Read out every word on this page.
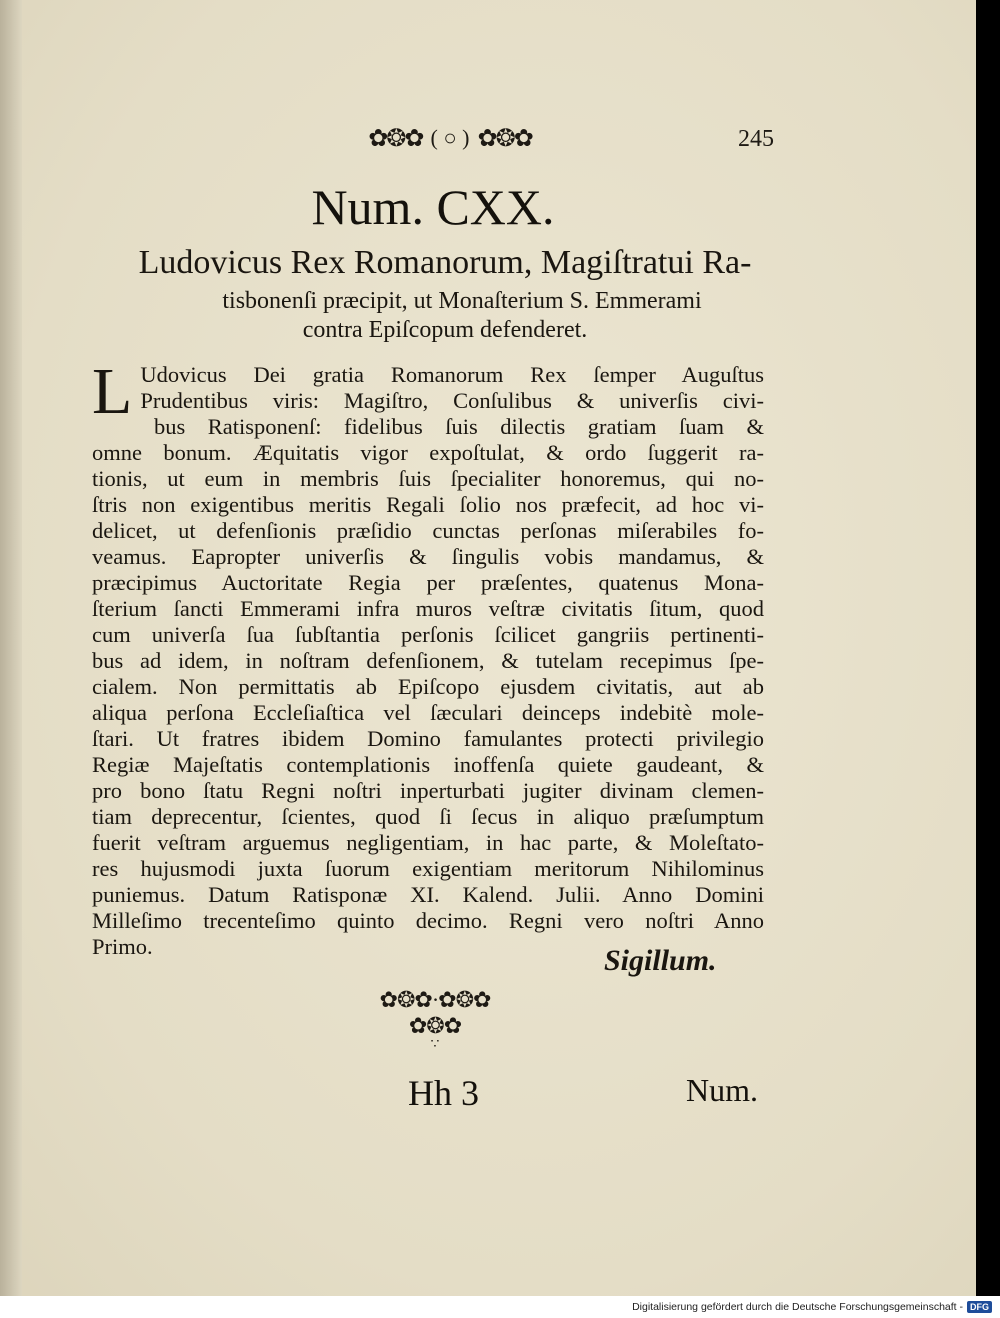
✿❂✿ ( ○ ) ✿❂✿	245
Num. CXX.
Ludovicus Rex Romanorum, Magiſtratui Ra-
tisbonenſi præcipit, ut Monaſterium S. Emmerami
contra Epiſcopum defenderet.
L Udovicus Dei gratia Romanorum Rex ſemper Auguſtus
Prudentibus viris: Magiſtro, Conſulibus & univerſis civi-
bus Ratisponenſ: fidelibus ſuis dilectis gratiam ſuam &
omne bonum. Æquitatis vigor expoſtulat, & ordo ſuggerit ra-
tionis, ut eum in membris ſuis ſpecialiter honoremus, qui no-
ſtris non exigentibus meritis Regali ſolio nos præfecit, ad hoc vi-
delicet, ut defenſionis præſidio cunctas perſonas miſerabiles fo-
veamus. Eapropter univerſis & ſingulis vobis mandamus, &
præcipimus Auctoritate Regia per præſentes, quatenus Mona-
ſterium ſancti Emmerami infra muros veſtræ civitatis ſitum, quod
cum univerſa ſua ſubſtantia perſonis ſcilicet gangriis pertinenti-
bus ad idem, in noſtram defenſionem, & tutelam recepimus ſpe-
cialem. Non permittatis ab Epiſcopo ejusdem civitatis, aut ab
aliqua perſona Eccleſiaſtica vel ſæculari deinceps indebitè mole-
ſtari. Ut fratres ibidem Domino famulantes protecti privilegio
Regiæ Majeſtatis contemplationis inoffenſa quiete gaudeant, &
pro bono ſtatu Regni noſtri inperturbati jugiter divinam clemen-
tiam deprecentur, ſcientes, quod ſi ſecus in aliquo præſumptum
fuerit veſtram arguemus negligentiam, in hac parte, & Moleſtato-
res hujusmodi juxta ſuorum exigentiam meritorum Nihilominus
puniemus. Datum Ratisponæ XI. Kalend. Julii. Anno Domini
Milleſimo trecenteſimo quinto decimo. Regni vero noſtri Anno
Primo.	Sigillum.
✿❂✿·✿❂✿
✿❂✿
∵
Hh 3	Num.
Digitalisierung gefördert durch die Deutsche Forschungsgemeinschaft - DFG
